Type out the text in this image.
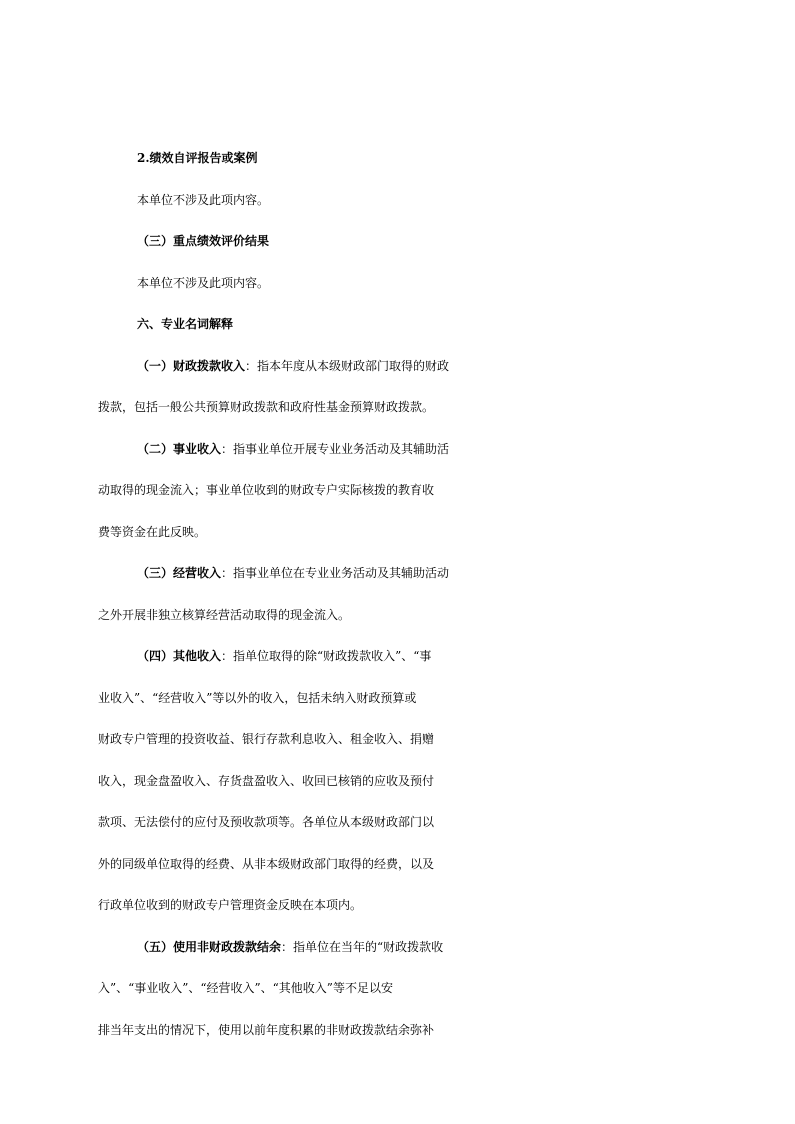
2.绩效自评报告或案例
本单位不涉及此项内容。
（三）重点绩效评价结果
本单位不涉及此项内容。
六、专业名词解释
（一）财政拨款收入：指本年度从本级财政部门取得的财政
拨款，包括一般公共预算财政拨款和政府性基金预算财政拨款。
（二）事业收入：指事业单位开展专业业务活动及其辅助活
动取得的现金流入；事业单位收到的财政专户实际核拨的教育收
费等资金在此反映。
（三）经营收入：指事业单位在专业业务活动及其辅助活动
之外开展非独立核算经营活动取得的现金流入。
（四）其他收入：指单位取得的除“财政拨款收入”、“事
业收入”、“经营收入”等以外的收入，包括未纳入财政预算或
财政专户管理的投资收益、银行存款利息收入、租金收入、捐赠
收入，现金盘盈收入、存货盘盈收入、收回已核销的应收及预付
款项、无法偿付的应付及预收款项等。各单位从本级财政部门以
外的同级单位取得的经费、从非本级财政部门取得的经费，以及
行政单位收到的财政专户管理资金反映在本项内。
（五）使用非财政拨款结余：指单位在当年的“财政拨款收
入”、“事业收入”、“经营收入”、“其他收入”等不足以安
排当年支出的情况下，使用以前年度积累的非财政拨款结余弥补
